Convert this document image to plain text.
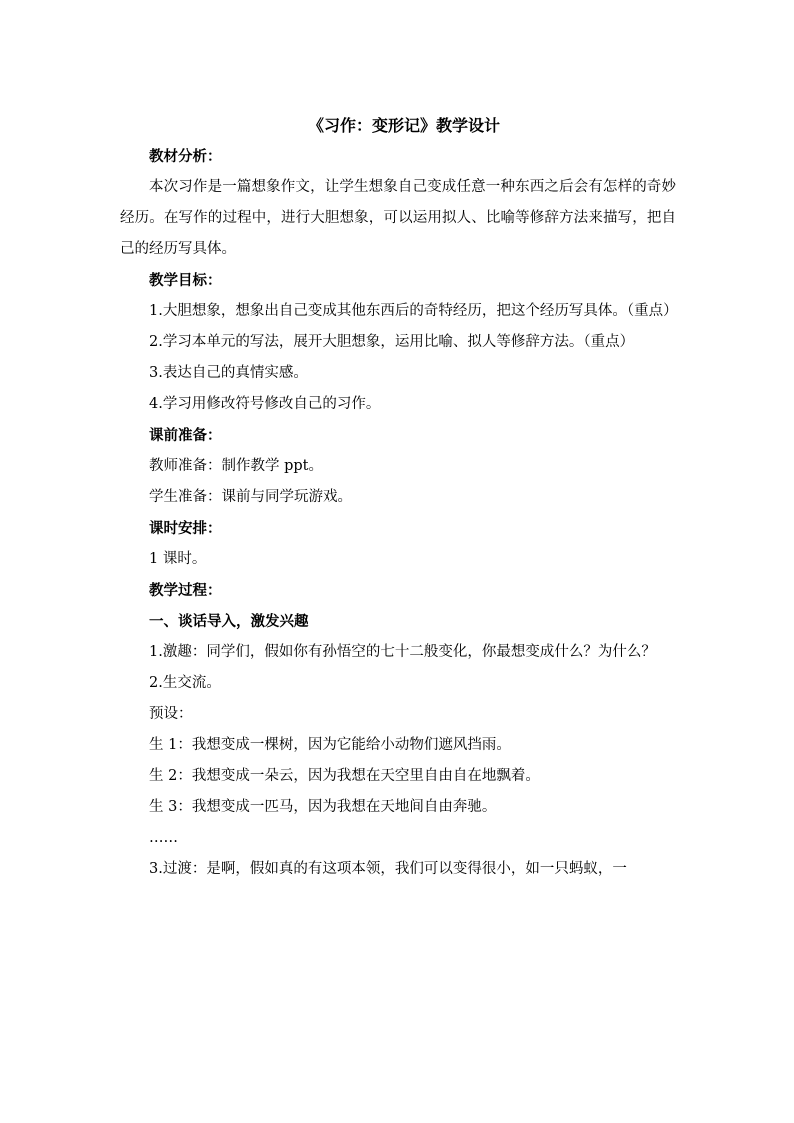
《习作：变形记》教学设计

教材分析：

本次习作是一篇想象作文，让学生想象自己变成任意一种东西之后会有怎样的奇妙经历。在写作的过程中，进行大胆想象，可以运用拟人、比喻等修辞方法来描写，把自己的经历写具体。

教学目标：

1.大胆想象，想象出自己变成其他东西后的奇特经历，把这个经历写具体。（重点）

2.学习本单元的写法，展开大胆想象，运用比喻、拟人等修辞方法。（重点）

3.表达自己的真情实感。

4.学习用修改符号修改自己的习作。

课前准备：

教师准备：制作教学 ppt。

学生准备：课前与同学玩游戏。

课时安排：

1 课时。

教学过程：

一、谈话导入，激发兴趣

1.激趣：同学们，假如你有孙悟空的七十二般变化，你最想变成什么？为什么？

2.生交流。

预设：

生 1：我想变成一棵树，因为它能给小动物们遮风挡雨。

生 2：我想变成一朵云，因为我想在天空里自由自在地飘着。

生 3：我想变成一匹马，因为我想在天地间自由奔驰。

……

3.过渡：是啊，假如真的有这项本领，我们可以变得很小，如一只蚂蚁，一
